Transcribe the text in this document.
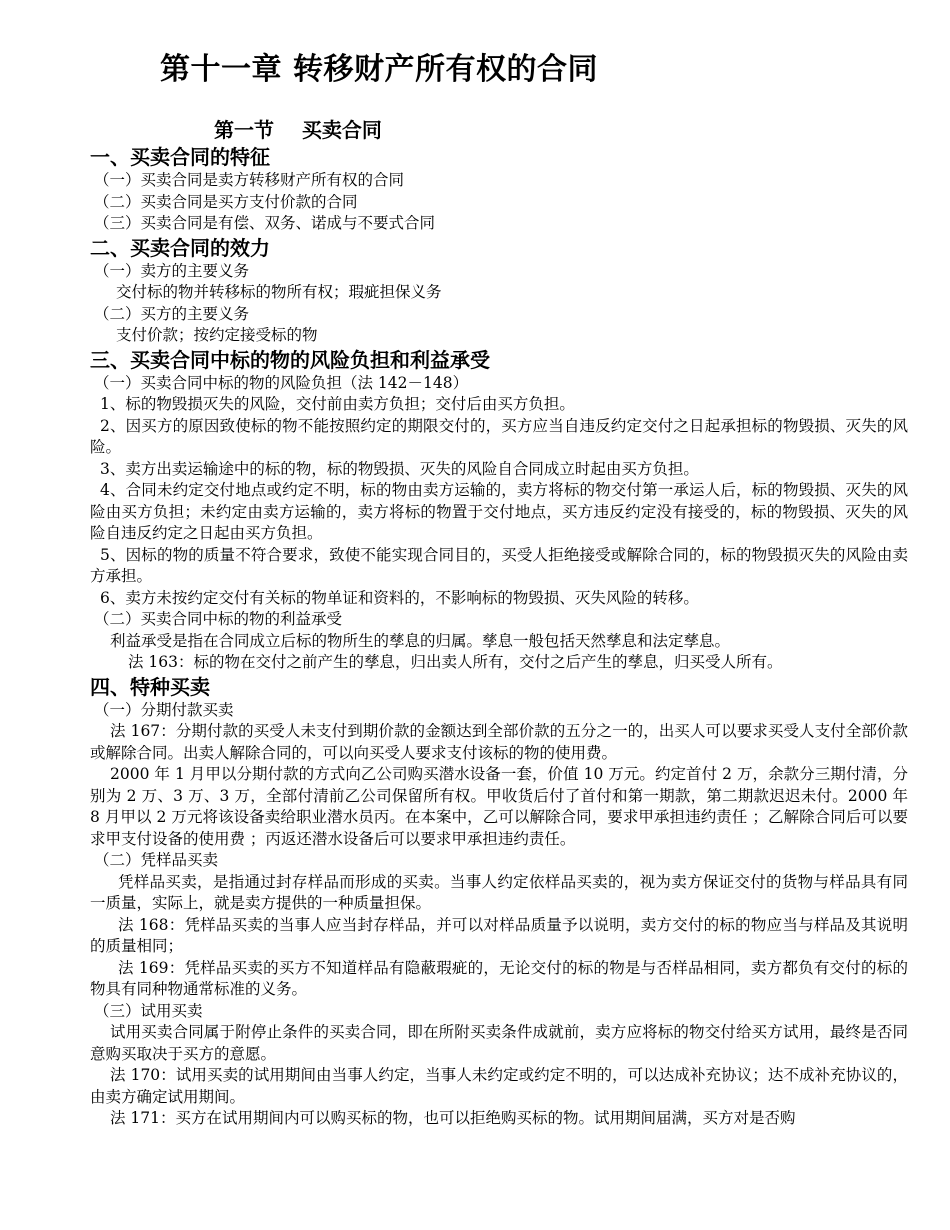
第十一章 转移财产所有权的合同
第一节    买卖合同
一、买卖合同的特征
（一）买卖合同是卖方转移财产所有权的合同
（二）买卖合同是买方支付价款的合同
（三）买卖合同是有偿、双务、诺成与不要式合同
二、买卖合同的效力
（一）卖方的主要义务
交付标的物并转移标的物所有权；瑕疵担保义务
（二）买方的主要义务
支付价款；按约定接受标的物
三、买卖合同中标的物的风险负担和利益承受
（一）买卖合同中标的物的风险负担（法 142－148）
1、标的物毁损灭失的风险，交付前由卖方负担；交付后由买方负担。
2、因买方的原因致使标的物不能按照约定的期限交付的，买方应当自违反约定交付之日起承担标的物毁损、灭失的风险。
3、卖方出卖运输途中的标的物，标的物毁损、灭失的风险自合同成立时起由买方负担。
4、合同未约定交付地点或约定不明，标的物由卖方运输的，卖方将标的物交付第一承运人后，标的物毁损、灭失的风险由买方负担；未约定由卖方运输的，卖方将标的物置于交付地点，买方违反约定没有接受的，标的物毁损、灭失的风险自违反约定之日起由买方负担。
5、因标的物的质量不符合要求，致使不能实现合同目的，买受人拒绝接受或解除合同的，标的物毁损灭失的风险由卖方承担。
6、卖方未按约定交付有关标的物单证和资料的，不影响标的物毁损、灭失风险的转移。
（二）买卖合同中标的物的利益承受
利益承受是指在合同成立后标的物所生的孳息的归属。孳息一般包括天然孳息和法定孳息。
法 163：标的物在交付之前产生的孳息，归出卖人所有，交付之后产生的孳息，归买受人所有。
四、特种买卖
（一）分期付款买卖
法 167：分期付款的买受人未支付到期价款的金额达到全部价款的五分之一的，出买人可以要求买受人支付全部价款或解除合同。出卖人解除合同的，可以向买受人要求支付该标的物的使用费。
2000 年 1 月甲以分期付款的方式向乙公司购买潜水设备一套，价值 10 万元。约定首付 2 万，余款分三期付清，分别为 2 万、3 万、3 万，全部付清前乙公司保留所有权。甲收货后付了首付和第一期款，第二期款迟迟未付。2000 年 8 月甲以 2 万元将该设备卖给职业潜水员丙。在本案中，乙可以解除合同，要求甲承担违约责任 ；乙解除合同后可以要求甲支付设备的使用费 ；丙返还潜水设备后可以要求甲承担违约责任。
（二）凭样品买卖
凭样品买卖，是指通过封存样品而形成的买卖。当事人约定依样品买卖的，视为卖方保证交付的货物与样品具有同一质量，实际上，就是卖方提供的一种质量担保。
法 168：凭样品买卖的当事人应当封存样品，并可以对样品质量予以说明，卖方交付的标的物应当与样品及其说明的质量相同；
法 169：凭样品买卖的买方不知道样品有隐蔽瑕疵的，无论交付的标的物是与否样品相同，卖方都负有交付的标的物具有同种物通常标准的义务。
（三）试用买卖
试用买卖合同属于附停止条件的买卖合同，即在所附买卖条件成就前，卖方应将标的物交付给买方试用，最终是否同意购买取决于买方的意愿。
法 170：试用买卖的试用期间由当事人约定，当事人未约定或约定不明的，可以达成补充协议；达不成补充协议的，由卖方确定试用期间。
法 171：买方在试用期间内可以购买标的物，也可以拒绝购买标的物。试用期间届满，买方对是否购
